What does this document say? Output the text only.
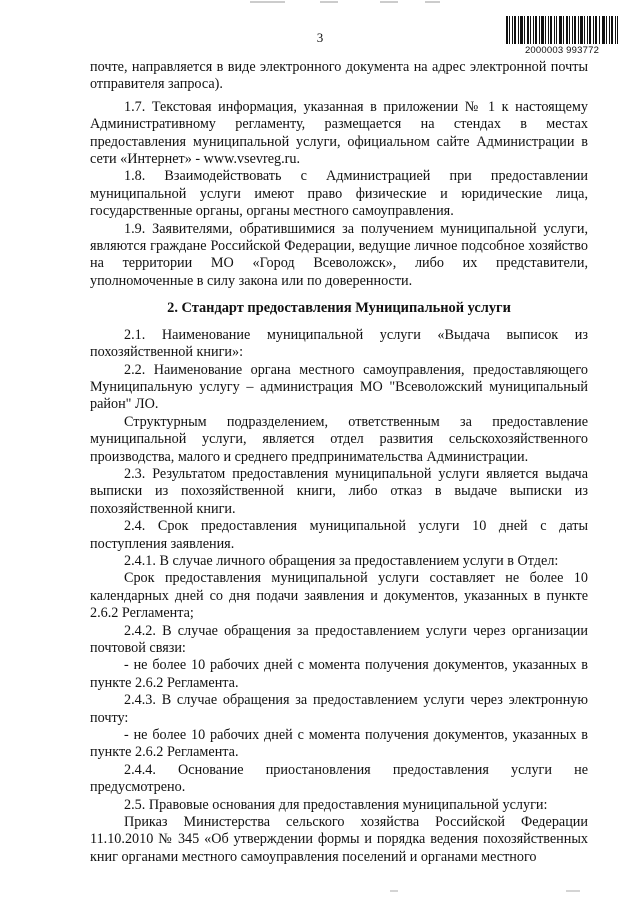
3
2000003 993772

почте, направляется в виде электронного документа на адрес электронной почты отправителя запроса).

1.7. Текстовая информация, указанная в приложении № 1 к настоящему Административному регламенту, размещается на стендах в местах предоставления муниципальной услуги, официальном сайте Администрации в сети «Интернет» - www.vsevreg.ru.

1.8. Взаимодействовать с Администрацией при предоставлении муниципальной услуги имеют право физические и юридические лица, государственные органы, органы местного самоуправления.

1.9. Заявителями, обратившимися за получением муниципальной услуги, являются граждане Российской Федерации, ведущие личное подсобное хозяйство на территории МО «Город Всеволожск», либо их представители, уполномоченные в силу закона или по доверенности.

2. Стандарт предоставления Муниципальной услуги

2.1. Наименование муниципальной услуги «Выдача выписок из похозяйственной книги»:

2.2. Наименование органа местного самоуправления, предоставляющего Муниципальную услугу – администрация МО "Всеволожский муниципальный район" ЛО.

Структурным подразделением, ответственным за предоставление муниципальной услуги, является отдел развития сельскохозяйственного производства, малого и среднего предпринимательства Администрации.

2.3. Результатом предоставления муниципальной услуги является выдача выписки из похозяйственной книги, либо отказ в выдаче выписки из похозяйственной книги.

2.4. Срок предоставления муниципальной услуги 10 дней с даты поступления заявления.

2.4.1. В случае личного обращения за предоставлением услуги в Отдел:

Срок предоставления муниципальной услуги составляет не более 10 календарных дней со дня подачи заявления и документов, указанных в пункте 2.6.2 Регламента;

2.4.2. В случае обращения за предоставлением услуги через организации почтовой связи:

- не более 10 рабочих дней с момента получения документов, указанных в пункте 2.6.2 Регламента.

2.4.3. В случае обращения за предоставлением услуги через электронную почту:

- не более 10 рабочих дней с момента получения документов, указанных в пункте 2.6.2 Регламента.

2.4.4. Основание приостановления предоставления услуги не предусмотрено.

2.5. Правовые основания для предоставления муниципальной услуги:

Приказ Министерства сельского хозяйства Российской Федерации 11.10.2010 № 345 «Об утверждении формы и порядка ведения похозяйственных книг органами местного самоуправления поселений и органами местного
